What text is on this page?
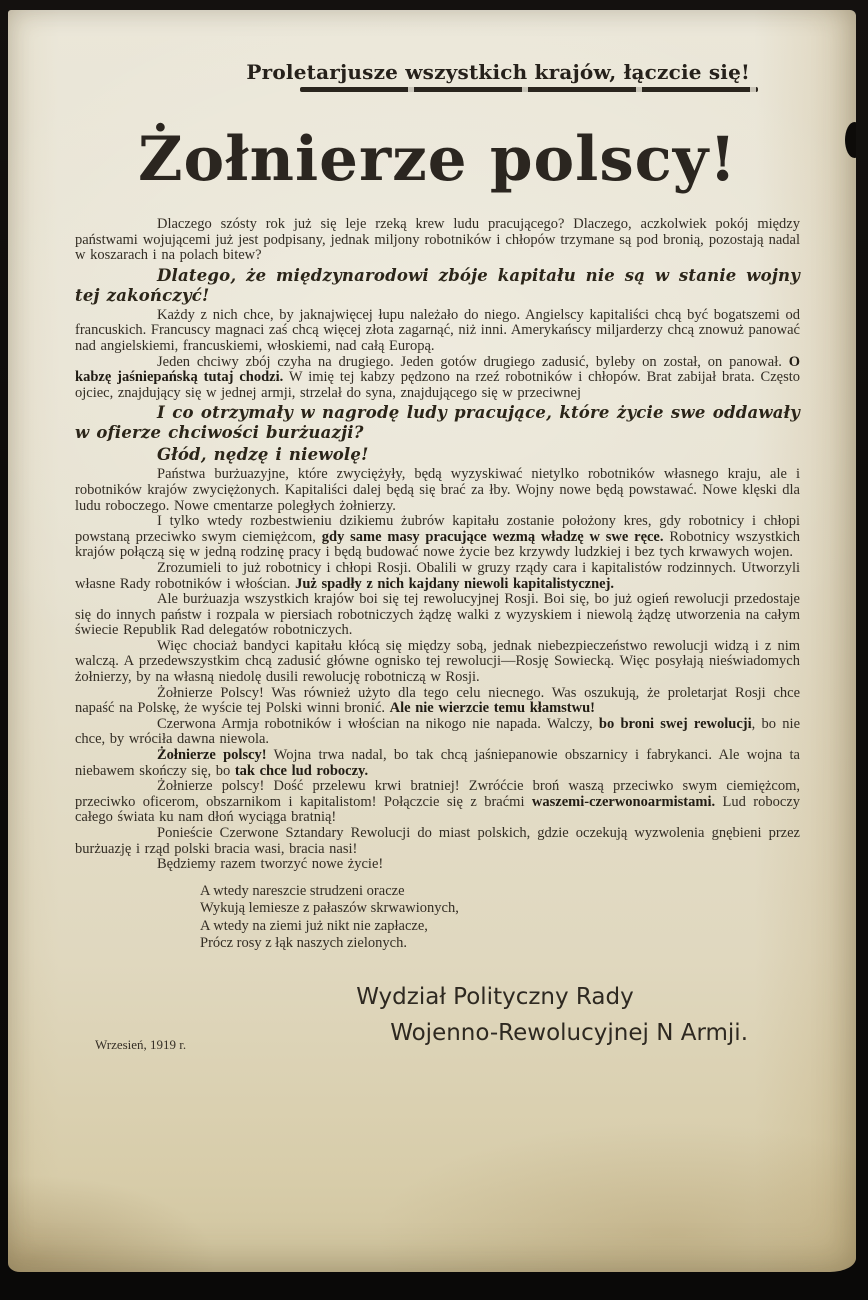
Proletarjusze wszystkich krajów, łączcie się!
Żołnierze polscy!

Dlaczego szósty rok już się leje rzeką krew ludu pracującego? Dlaczego, aczkolwiek pokój między państwami wojującemi już jest podpisany, jednak miljony robotników i chłopów trzymane są pod bronią, pozostają nadal w koszarach i na polach bitew?

Dlatego, że międzynarodowi zbóje kapitału nie są w stanie wojny tej zakończyć!

Każdy z nich chce, by jaknajwięcej łupu należało do niego. Angielscy kapitaliści chcą być bogatszemi od francuskich. Francuscy magnaci zaś chcą więcej złota zagarnąć, niż inni. Amerykańscy miljarderzy chcą znowuż panować nad angielskiemi, francuskiemi, włoskiemi, nad całą Europą.

Jeden chciwy zbój czyha na drugiego. Jeden gotów drugiego zadusić, byleby on został, on panował. O kabzę jaśniepańską tutaj chodzi. W imię tej kabzy pędzono na rzeź robotników i chłopów. Brat zabijał brata. Często ojciec, znajdujący się w jednej armji, strzelał do syna, znajdującego się w przeciwnej

I co otrzymały w nagrodę ludy pracujące, które życie swe oddawały w ofierze chciwości burżuazji?

Głód, nędzę i niewolę!

Państwa burżuazyjne, które zwyciężyły, będą wyzyskiwać nietylko robotników własnego kraju, ale i robotników krajów zwyciężonych. Kapitaliści dalej będą się brać za łby. Wojny nowe będą powstawać. Nowe klęski dla ludu roboczego. Nowe cmentarze poległych żołnierzy.

I tylko wtedy rozbestwieniu dzikiemu żubrów kapitału zostanie położony kres, gdy robotnicy i chłopi powstaną przeciwko swym ciemiężcom, gdy same masy pracujące wezmą władzę w swe ręce. Robotnicy wszystkich krajów połączą się w jedną rodzinę pracy i będą budować nowe życie bez krzywdy ludzkiej i bez tych krwawych wojen.

Zrozumieli to już robotnicy i chłopi Rosji. Obalili w gruzy rządy cara i kapitalistów rodzinnych. Utworzyli własne Rady robotników i włościan. Już spadły z nich kajdany niewoli kapitalistycznej.

Ale burżuazja wszystkich krajów boi się tej rewolucyjnej Rosji. Boi się, bo już ogień rewolucji przedostaje się do innych państw i rozpala w piersiach robotniczych żądzę walki z wyzyskiem i niewolą żądzę utworzenia na całym świecie Republik Rad delegatów robotniczych.

Więc chociaż bandyci kapitału kłócą się między sobą, jednak niebezpieczeństwo rewolucji widzą i z nim walczą. A przedewszystkim chcą zadusić główne ognisko tej rewolucji—Rosję Sowiecką. Więc posyłają nieświadomych żołnierzy, by na własną niedolę dusili rewolucję robotniczą w Rosji.

Żołnierze Polscy! Was również użyto dla tego celu niecnego. Was oszukują, że proletarjat Rosji chce napaść na Polskę, że wyście tej Polski winni bronić. Ale nie wierzcie temu kłamstwu!

Czerwona Armja robotników i włościan na nikogo nie napada. Walczy, bo broni swej rewolucji, bo nie chce, by wróciła dawna niewola.

Żołnierze polscy! Wojna trwa nadal, bo tak chcą jaśniepanowie obszarnicy i fabrykanci. Ale wojna ta niebawem skończy się, bo tak chce lud roboczy.

Żołnierze polscy! Dość przelewu krwi bratniej! Zwróćcie broń waszą przeciwko swym ciemiężcom, przeciwko oficerom, obszarnikom i kapitalistom! Połączcie się z braćmi waszemi-czerwonoarmistami. Lud roboczy całego świata ku nam dłoń wyciąga bratnią!

Ponieście Czerwone Sztandary Rewolucji do miast polskich, gdzie oczekują wyzwolenia gnębieni przez burżuazję i rząd polski bracia wasi, bracia nasi!

Będziemy razem tworzyć nowe życie!

A wtedy nareszcie strudzeni oracze
Wykują lemiesze z pałaszów skrwawionych,
A wtedy na ziemi już nikt nie zapłacze,
Prócz rosy z łąk naszych zielonych.
Wydział Polityczny Rady
Wojenno-Rewolucyjnej N Armji.
Wrzesień, 1919 r.
